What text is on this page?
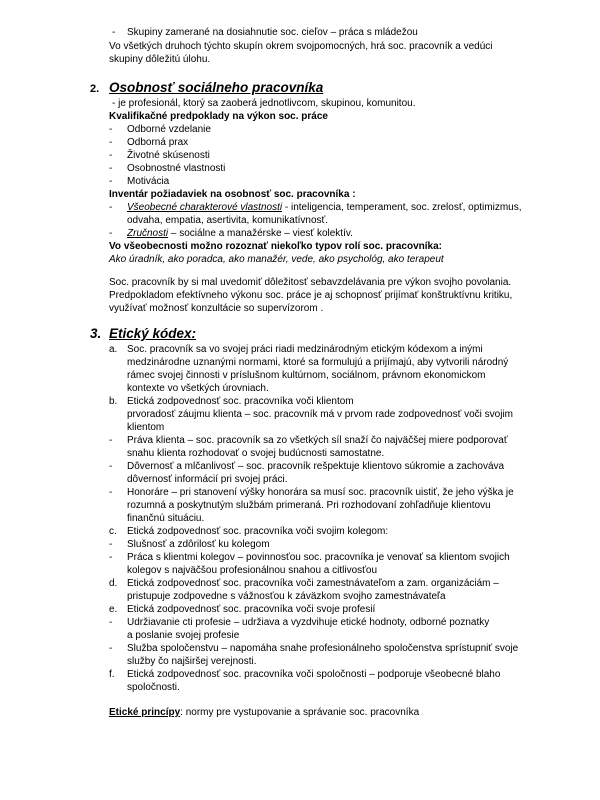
- Skupiny zamerané na dosiahnutie soc. cieľov – práca s mládežou
Vo všetkých druhoch týchto skupín okrem svojpomocných, hrá soc. pracovník a vedúci
skupiny dôležitú úlohu.
2. Osobnosť sociálneho pracovníka
- je profesionál, ktorý sa zaoberá jednotlivcom, skupinou, komunitou.
Kvalifikačné predpoklady na výkon soc. práce
- Odborné vzdelanie
- Odborná prax
- Životné skúsenosti
- Osobnostné vlastnosti
- Motivácia
Inventár požiadaviek na osobnosť soc. pracovníka :
- Všeobecné charakterové vlastnosti - inteligencia, temperament, soc. zrelosť, optimizmus,
odvaha, empatia, asertivita, komunikatívnosť.
- Zručnosti – sociálne a manažérske – viesť kolektív.
Vo všeobecnosti možno rozoznať niekoľko typov rolí soc. pracovníka:
Ako úradník, ako poradca, ako manažér, vede, ako psychológ, ako terapeut
Soc. pracovník by si mal uvedomiť dôležitosť sebavzdelávania pre výkon svojho povolania.
Predpokladom efektívneho výkonu soc. práce je aj schopnosť prijímať konštruktívnu kritiku,
využívať možnosť konzultácie so supervízorom .
3. Etický kódex:
a. Soc. pracovník sa vo svojej práci riadi medzinárodným etickým kódexom a inými
medzinárodne uznanými normami, ktoré sa formulujú a prijímajú, aby vytvorili národný
rámec svojej činnosti v príslušnom kultúrnom, sociálnom, právnom ekonomickom
kontexte vo všetkých úrovniach.
b. Etická zodpovednosť soc. pracovníka voči klientom
prvoradosť záujmu klienta – soc. pracovník má v prvom rade zodpovednosť voči svojim
klientom
- Práva klienta – soc. pracovník sa zo všetkých síl snaží čo najväčšej miere podporovať
snahu klienta rozhodovať o svojej budúcnosti samostatne.
- Dôvernosť a mlčanlivosť – soc. pracovník rešpektuje klientovo súkromie a zachováva
dôvernosť informácií pri svojej práci.
- Honoráre – pri stanovení výšky honorára sa musí soc. pracovník uistiť, že jeho výška je
rozumná a poskytnutým službám primeraná. Pri rozhodovaní zohľadňuje klientovu
finančnú situáciu.
c. Etická zodpovednosť soc. pracovníka voči svojim kolegom:
- Slušnosť a zdôrilosť ku kolegom
- Práca s klientmi kolegov – povinnosťou soc. pracovníka je venovať sa klientom svojich
kolegov s najväčšou profesionálnou snahou a citlivosťou
d. Etická zodpovednosť soc. pracovníka voči zamestnávateľom a zam. organizáciám –
pristupuje zodpovedne s vážnosťou k záväzkom svojho zamestnávateľa
e. Etická zodpovednosť soc. pracovníka voči svoje profesií
- Udržiavanie cti profesie – udržiava a vyzdvihuje etické hodnoty, odborné poznatky
a poslanie svojej profesie
- Služba spoločenstvu – napomáha snahe profesionálneho spoločenstva sprístupniť svoje
služby čo najširšej verejnosti.
f. Etická zodpovednosť soc. pracovníka voči spoločnosti – podporuje všeobecné blaho
spoločnosti.
Etické princípy: normy pre vystupovanie a správanie soc. pracovníka
